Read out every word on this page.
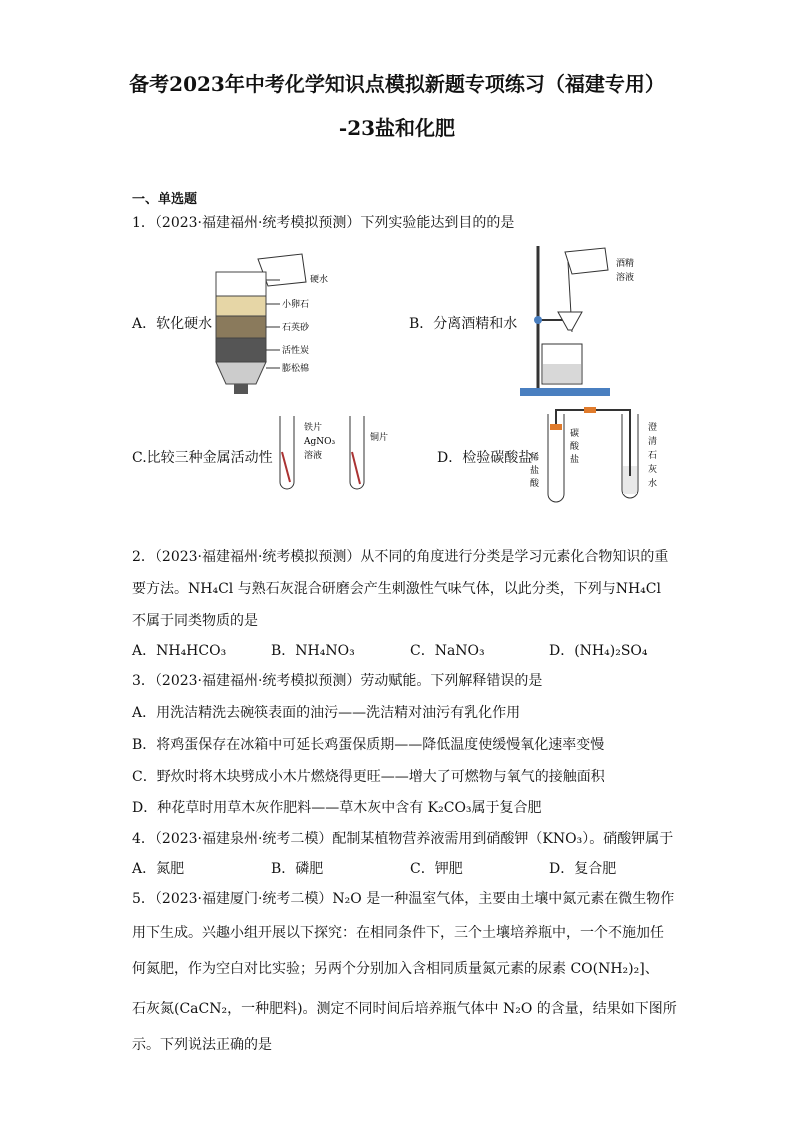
备考2023年中考化学知识点模拟新题专项练习（福建专用）
-23盐和化肥
一、单选题
1．（2023·福建福州·统考模拟预测）下列实验能达到目的的是
A．软化硬水
硬水
小卵石
石英砂
活性炭
膨松棉
B．分离酒精和水
酒精
溶液
C.比较三种金属活动性
铁片
AgNO₃
溶液
铜片
D．检验碳酸盐
稀
盐
酸
碳
酸
盐
澄
清
石
灰
水
2．（2023·福建福州·统考模拟预测）从不同的角度进行分类是学习元素化合物知识的重
要方法。NH₄Cl 与熟石灰混合研磨会产生刺激性气味气体，以此分类，下列与NH₄Cl
不属于同类物质的是
A．NH₄HCO₃	B．NH₄NO₃	C．NaNO₃	D．(NH₄)₂SO₄
3．（2023·福建福州·统考模拟预测）劳动赋能。下列解释错误的是
A．用洗洁精洗去碗筷表面的油污——洗洁精对油污有乳化作用
B．将鸡蛋保存在冰箱中可延长鸡蛋保质期——降低温度使缓慢氧化速率变慢
C．野炊时将木块劈成小木片燃烧得更旺——增大了可燃物与氧气的接触面积
D．种花草时用草木灰作肥料——草木灰中含有 K₂CO₃属于复合肥
4．（2023·福建泉州·统考二模）配制某植物营养液需用到硝酸钾（KNO₃）。硝酸钾属于
A．氮肥	B．磷肥	C．钾肥	D．复合肥
5．（2023·福建厦门·统考二模）N₂O 是一种温室气体，主要由土壤中氮元素在微生物作
用下生成。兴趣小组开展以下探究：在相同条件下，三个土壤培养瓶中，一个不施加任
何氮肥，作为空白对比实验；另两个分别加入含相同质量氮元素的尿素 CO(NH₂)₂]、
石灰氮(CaCN₂，一种肥料)。测定不同时间后培养瓶气体中 N₂O 的含量，结果如下图所
示。下列说法正确的是
